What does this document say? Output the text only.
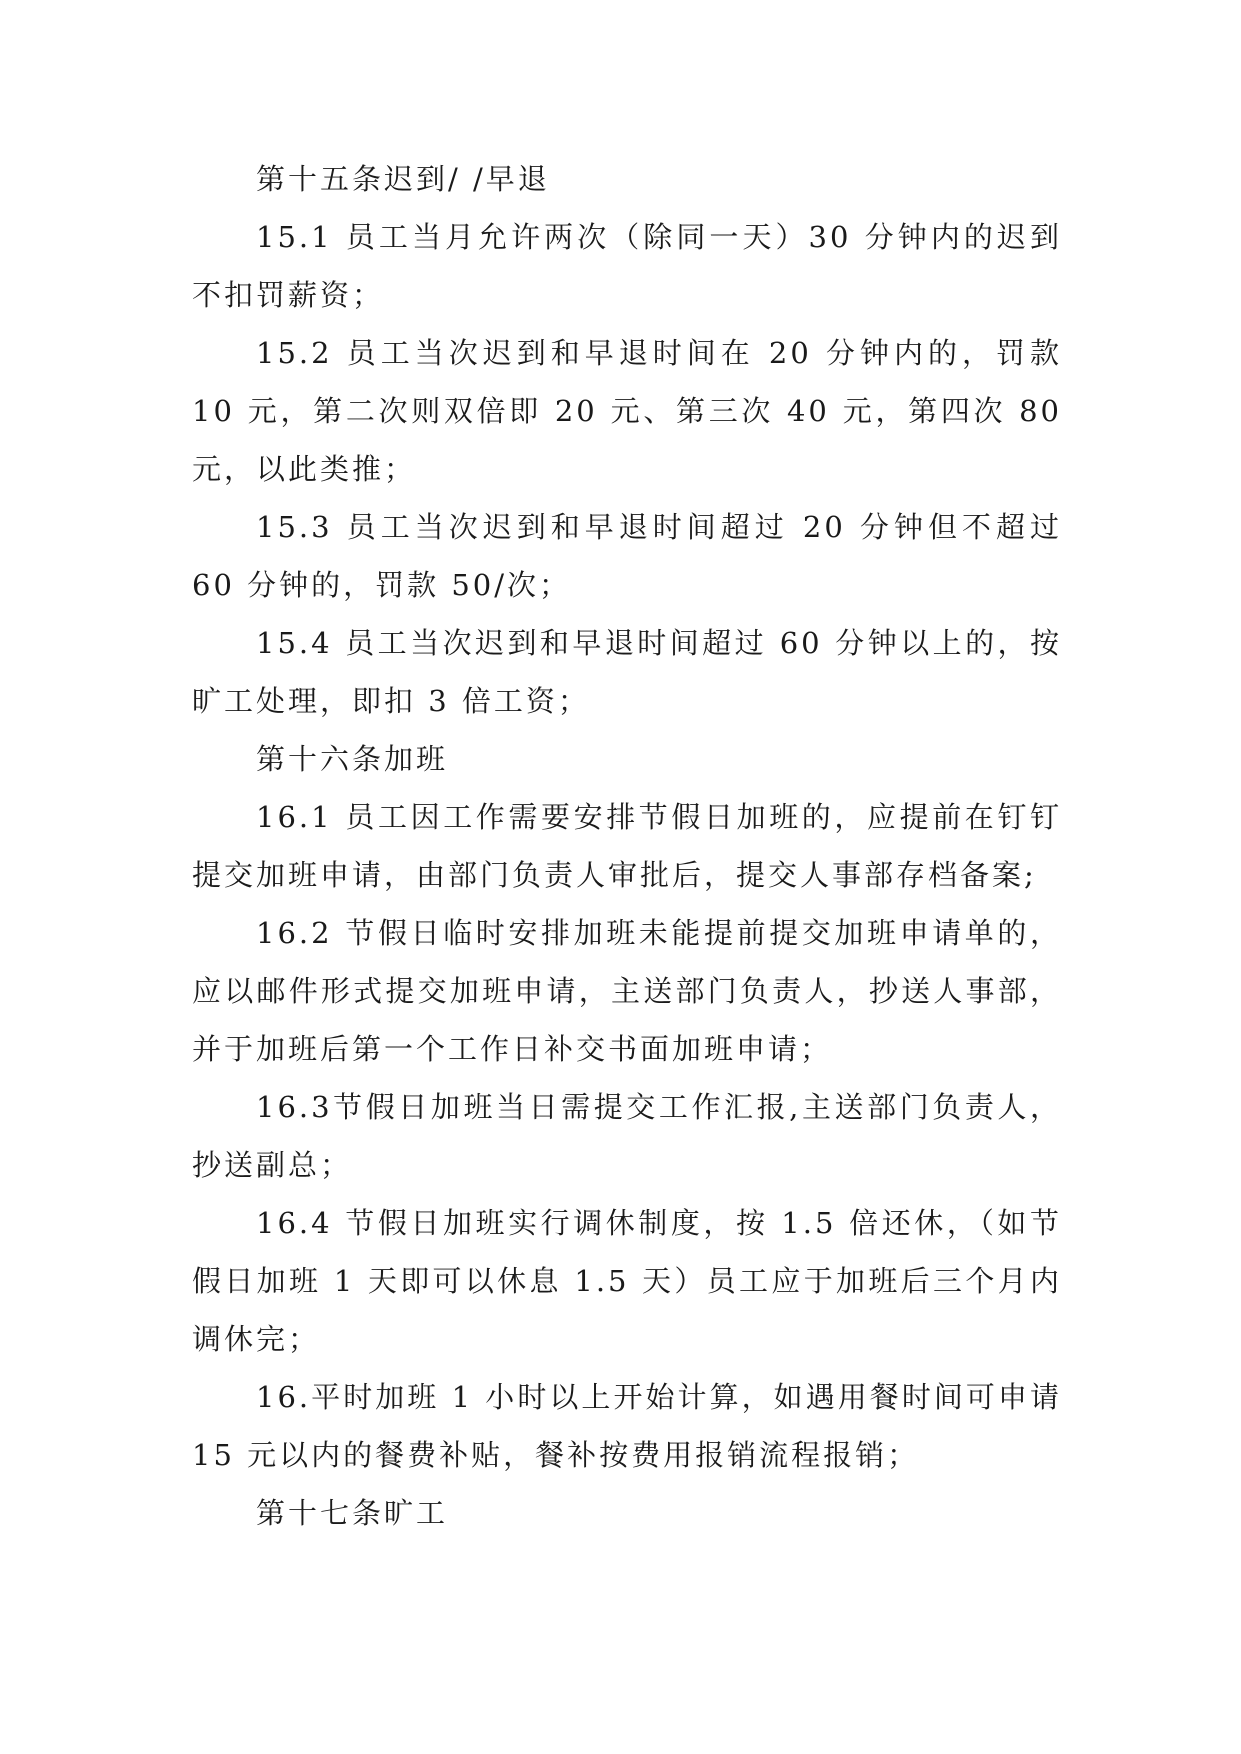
第十五条迟到/ /早退

15.1 员工当月允许两次（除同一天）30 分钟内的迟到不扣罚薪资；

15.2 员工当次迟到和早退时间在 20 分钟内的，罚款 10 元，第二次则双倍即 20 元、第三次 40 元，第四次 80 元，以此类推；

15.3 员工当次迟到和早退时间超过 20 分钟但不超过 60 分钟的，罚款 50/次；

15.4 员工当次迟到和早退时间超过 60 分钟以上的，按旷工处理，即扣 3 倍工资；

第十六条加班

16.1 员工因工作需要安排节假日加班的，应提前在钉钉提交加班申请，由部门负责人审批后，提交人事部存档备案;

16.2 节假日临时安排加班未能提前提交加班申请单的，应以邮件形式提交加班申请，主送部门负责人，抄送人事部，并于加班后第一个工作日补交书面加班申请；

16.3节假日加班当日需提交工作汇报,主送部门负责人，抄送副总；

16.4 节假日加班实行调休制度，按 1.5 倍还休，（如节假日加班 1 天即可以休息 1.5 天）员工应于加班后三个月内调休完；

16.平时加班 1 小时以上开始计算，如遇用餐时间可申请 15 元以内的餐费补贴，餐补按费用报销流程报销；

第十七条旷工
